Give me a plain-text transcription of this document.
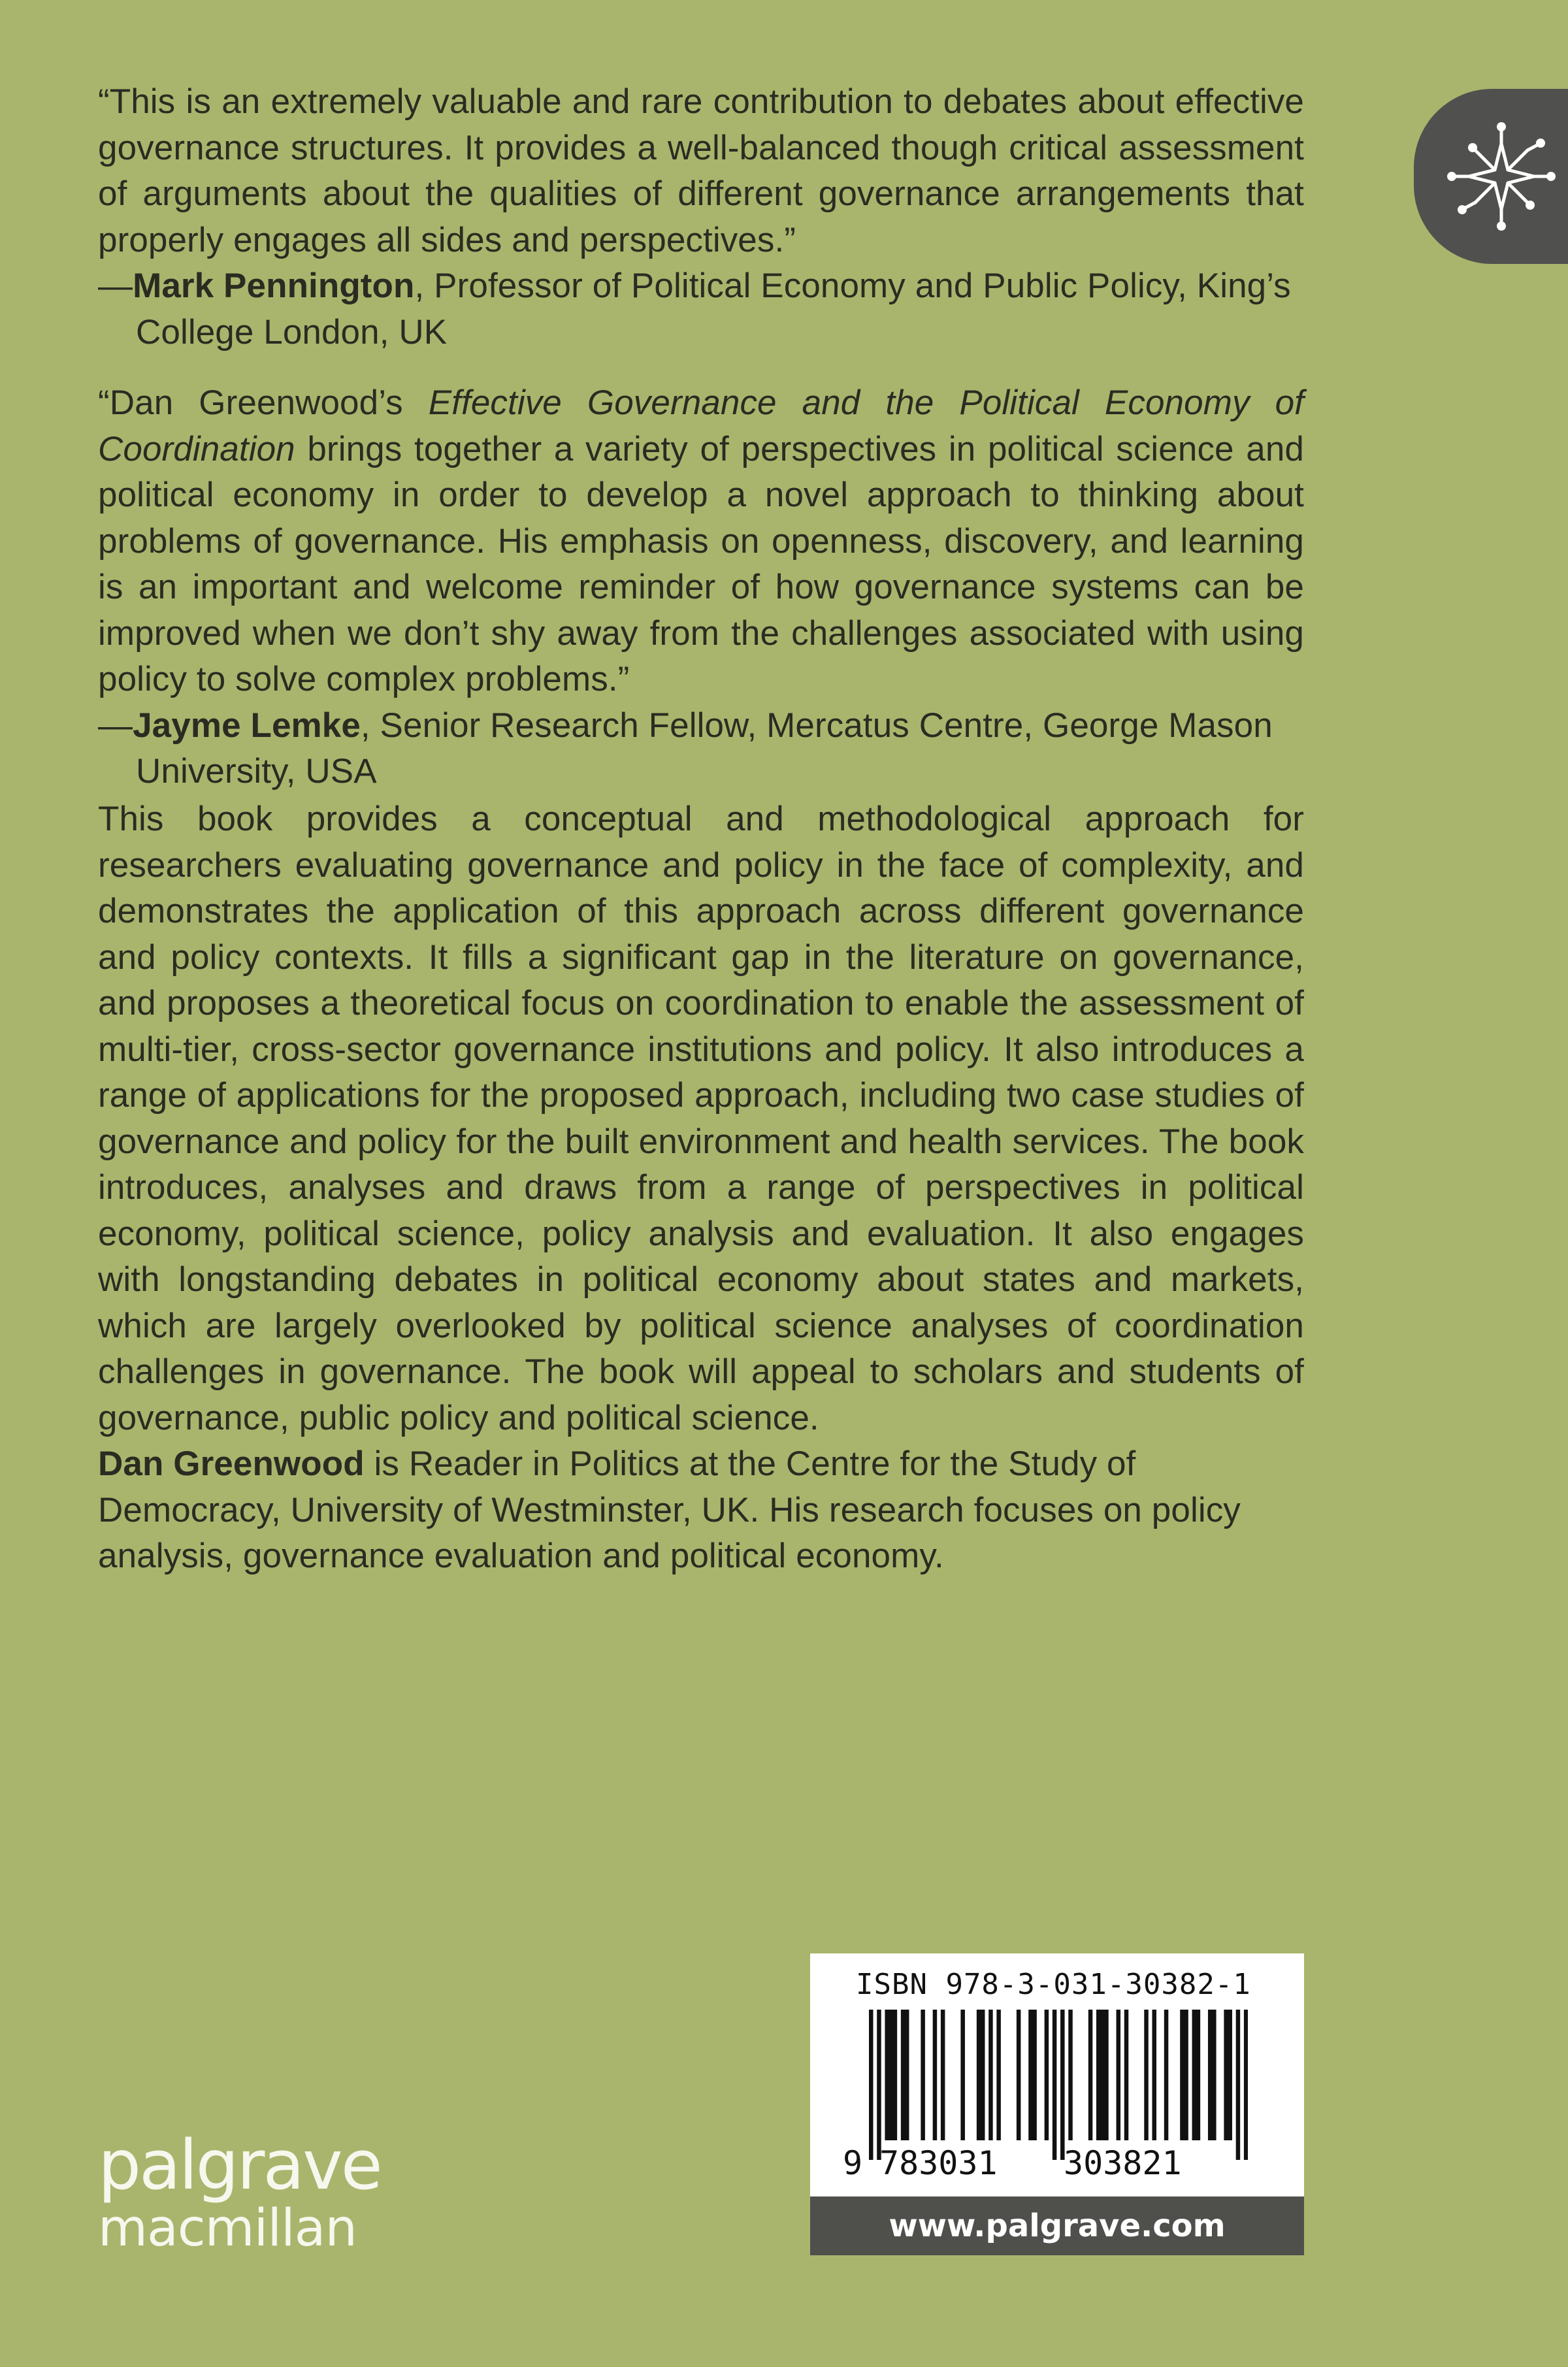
“This is an extremely valuable and rare contribution to debates about effective governance structures. It provides a well-balanced though critical assessment of arguments about the qualities of different governance arrangements that properly engages all sides and perspectives.”

—Mark Pennington, Professor of Political Economy and Public Policy, King’s College London, UK

“Dan Greenwood’s Effective Governance and the Political Economy of Coordination brings together a variety of perspectives in political science and political economy in order to develop a novel approach to thinking about problems of governance. His emphasis on openness, discovery, and learning is an important and welcome reminder of how governance systems can be improved when we don’t shy away from the challenges associated with using policy to solve complex problems.”

—Jayme Lemke, Senior Research Fellow, Mercatus Centre, George Mason University, USA

This book provides a conceptual and methodological approach for researchers evaluating governance and policy in the face of complexity, and demonstrates the application of this approach across different governance and policy contexts. It fills a significant gap in the literature on governance, and proposes a theoretical focus on coordination to enable the assessment of multi-tier, cross-sector governance institutions and policy. It also introduces a range of applications for the proposed approach, including two case studies of governance and policy for the built environment and health services. The book introduces, analyses and draws from a range of perspectives in political economy, political science, policy analysis and evaluation. It also engages with longstanding debates in political economy about states and markets, which are largely overlooked by political science analyses of coordination challenges in governance. The book will appeal to scholars and students of governance, public policy and political science.

Dan Greenwood is Reader in Politics at the Centre for the Study of Democracy, University of Westminster, UK. His research focuses on policy analysis, governance evaluation and political economy.

palgrave
macmillan
ISBN 978-3-031-30382-1
9 783031 303821
www.palgrave.com
